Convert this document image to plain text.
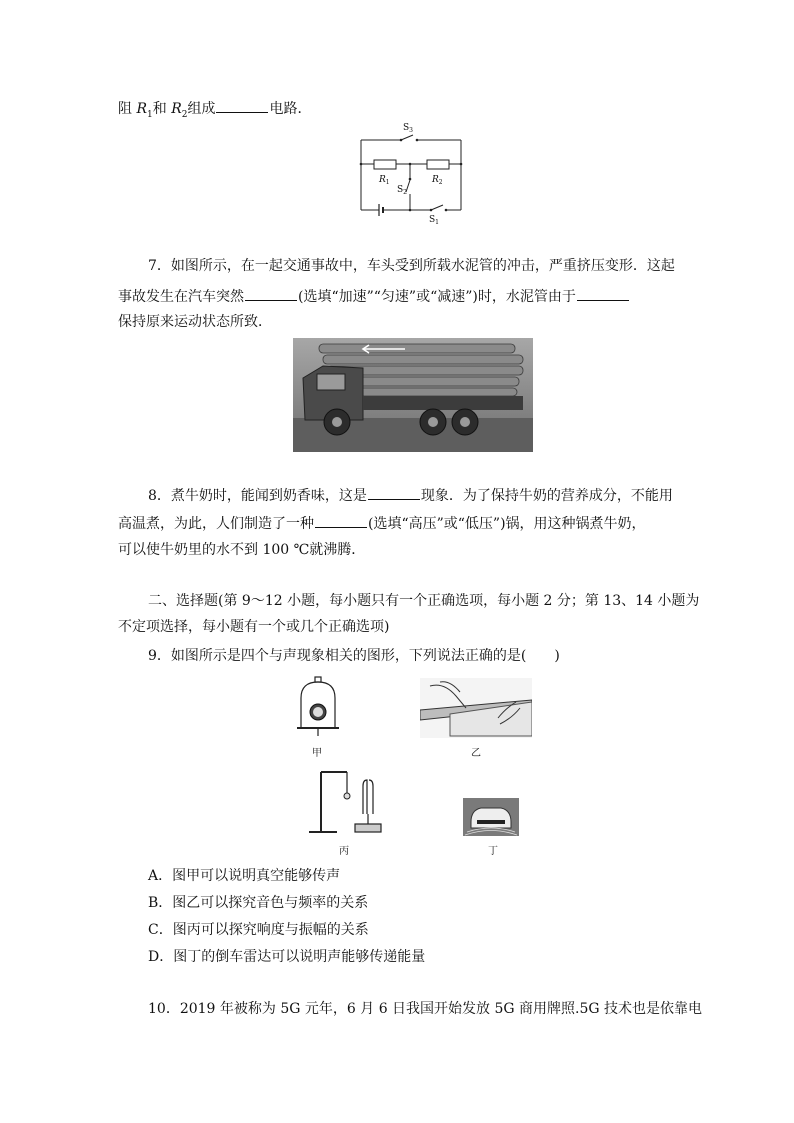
阻 $R_1$和 $R_2$组成	电路．
$S_3$
$R_1$	$R_2$
$S_2$
$S_1$
7．如图所示，在一起交通事故中，车头受到所载水泥管的冲击，严重挤压变形．这起
事故发生在汽车突然	(选填“加速”“匀速”或“减速”)时，水泥管由于
保持原来运动状态所致．
8．煮牛奶时，能闻到奶香味，这是	现象．为了保持牛奶的营养成分，不能用
高温煮，为此，人们制造了一种	(选填“高压”或“低压”)锅，用这种锅煮牛奶，
可以使牛奶里的水不到 100 ℃就沸腾．
二、选择题(第 9～12 小题，每小题只有一个正确选项，每小题 2 分；第 13、14 小题为
不定项选择，每小题有一个或几个正确选项)
9．如图所示是四个与声现象相关的图形，下列说法正确的是(　　)
甲	乙
丙	丁
A．图甲可以说明真空能够传声
B．图乙可以探究音色与频率的关系
C．图丙可以探究响度与振幅的关系
D．图丁的倒车雷达可以说明声能够传递能量
10．2019 年被称为 5G 元年，6 月 6 日我国开始发放 5G 商用牌照.5G 技术也是依靠电
